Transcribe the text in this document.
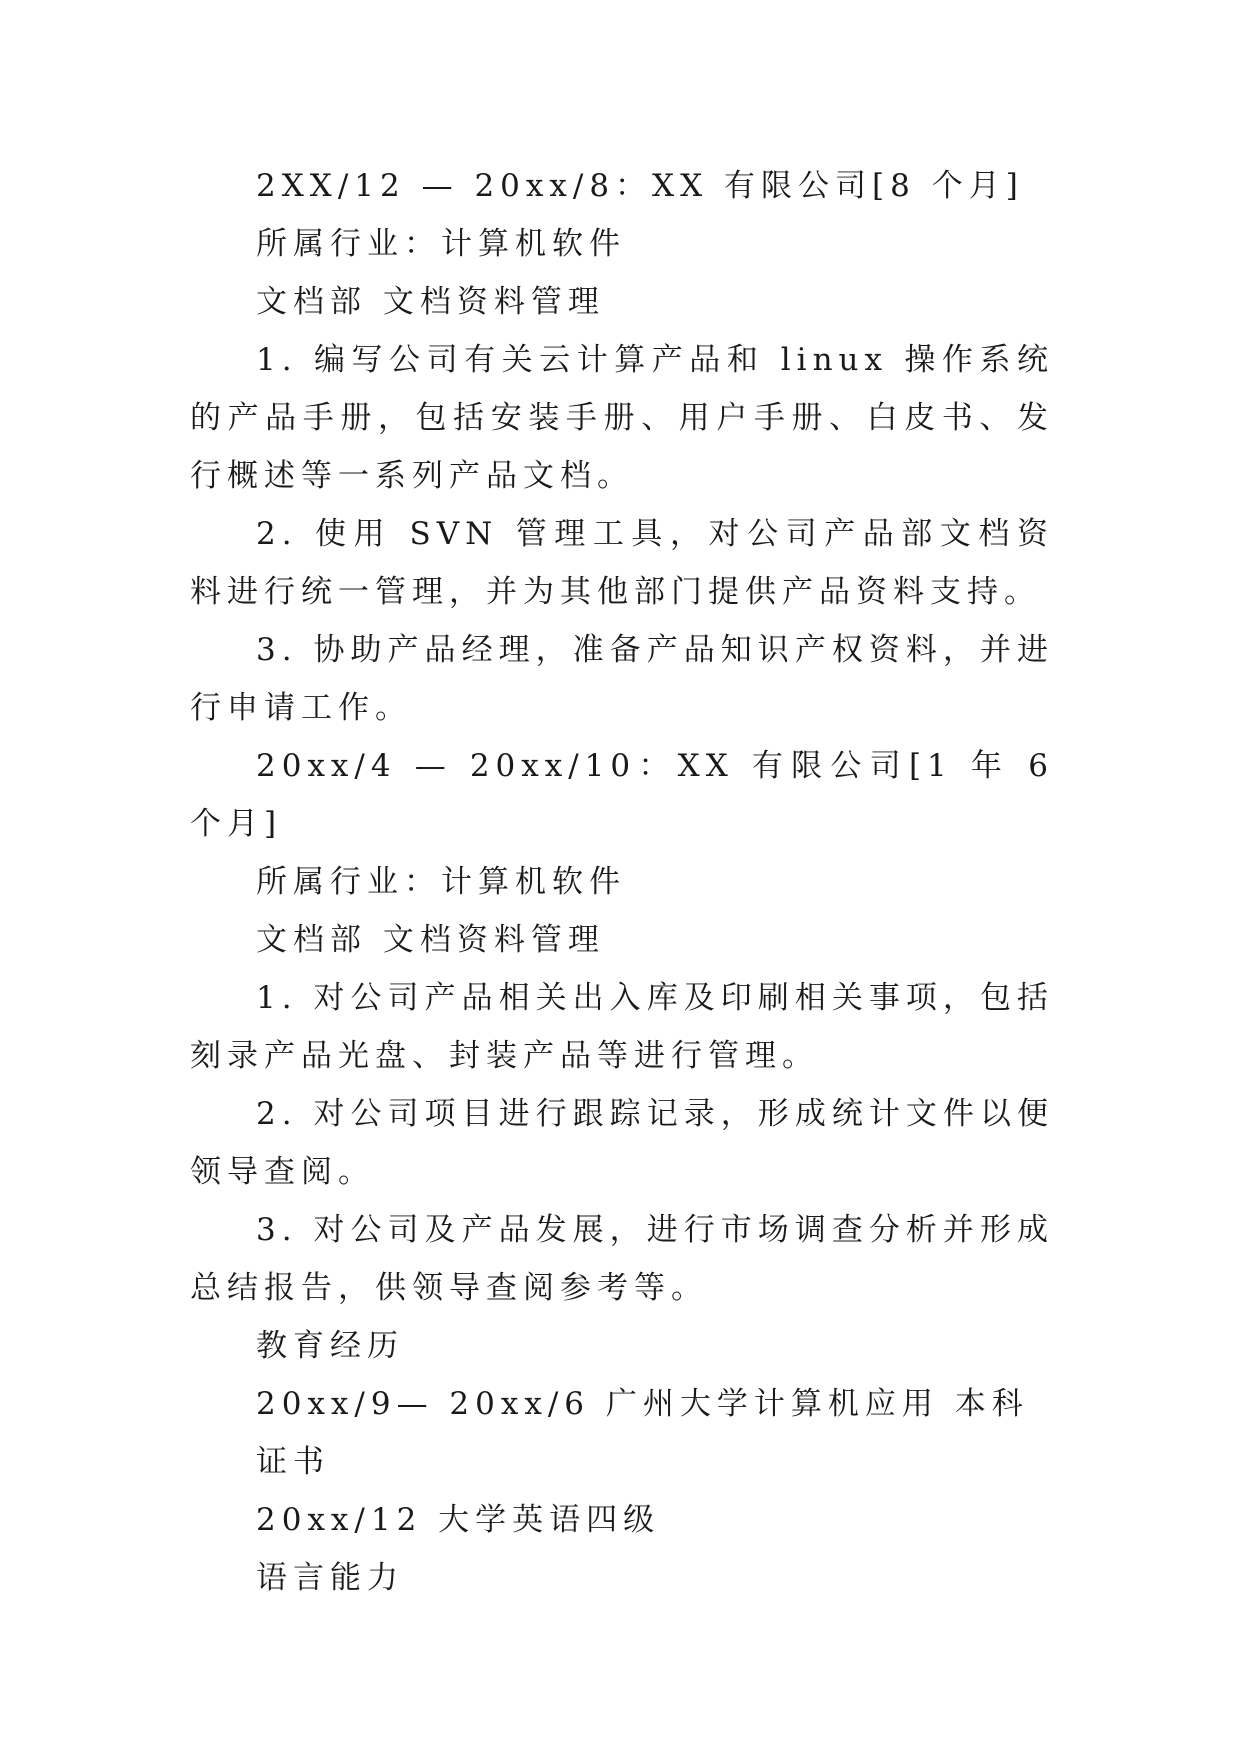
2XX/12 — 20xx/8：XX 有限公司[8 个月]

所属行业：计算机软件

文档部 文档资料管理

1. 编写公司有关云计算产品和 linux 操作系统的产品手册，包括安装手册、用户手册、白皮书、发行概述等一系列产品文档。

2. 使用 SVN 管理工具，对公司产品部文档资料进行统一管理，并为其他部门提供产品资料支持。

3. 协助产品经理，准备产品知识产权资料，并进行申请工作。

20xx/4 — 20xx/10：XX 有限公司[1 年 6 个月]

所属行业：计算机软件

文档部 文档资料管理

1. 对公司产品相关出入库及印刷相关事项，包括刻录产品光盘、封装产品等进行管理。

2. 对公司项目进行跟踪记录，形成统计文件以便领导查阅。

3. 对公司及产品发展，进行市场调查分析并形成总结报告，供领导查阅参考等。

教育经历

20xx/9— 20xx/6 广州大学计算机应用 本科

证书

20xx/12 大学英语四级

语言能力
